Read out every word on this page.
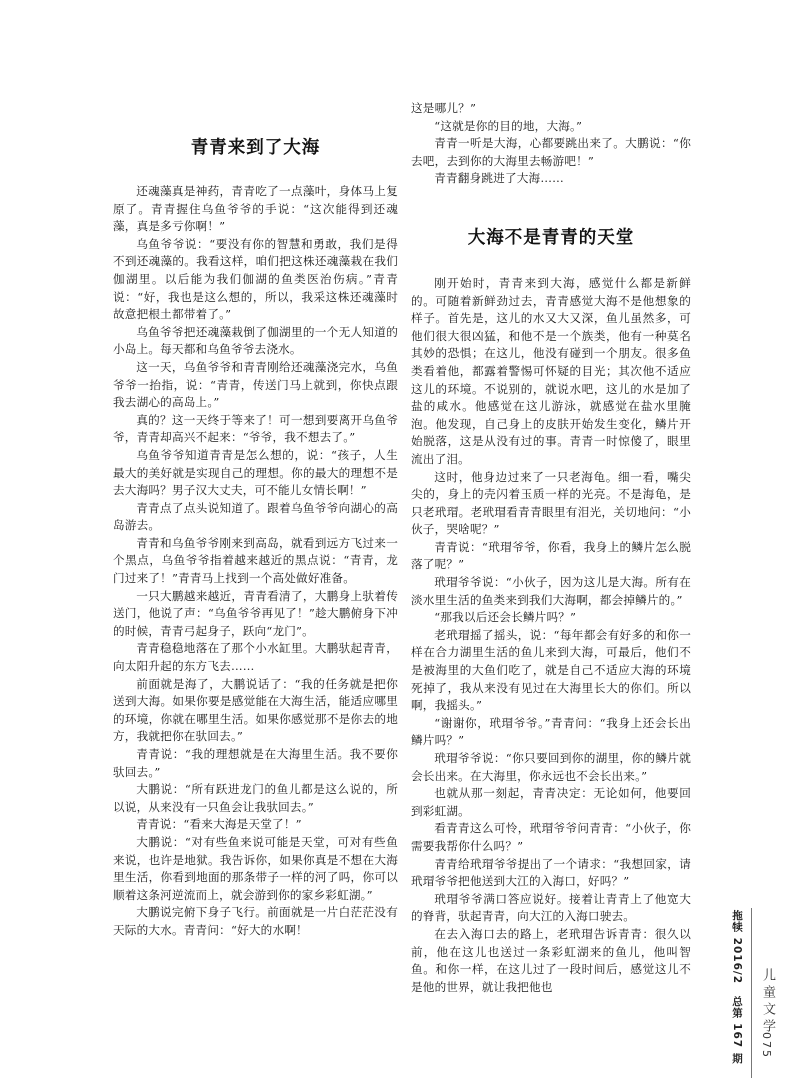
青青来到了大海

还魂藻真是神药，青青吃了一点藻叶，身体马上复原了。青青握住乌鱼爷爷的手说：“这次能得到还魂藻，真是多亏你啊！”

乌鱼爷爷说：“要没有你的智慧和勇敢，我们是得不到还魂藻的。我看这样，咱们把这株还魂藻栽在我们伽湖里。以后能为我们伽湖的鱼类医治伤病。”青青说：“好，我也是这么想的，所以，我采这株还魂藻时故意把根土都带着了。”

乌鱼爷爷把还魂藻栽倒了伽湖里的一个无人知道的小岛上。每天都和乌鱼爷爷去浇水。

这一天，乌鱼爷爷和青青刚给还魂藻浇完水，乌鱼爷爷一抬指，说：“青青，传送门马上就到，你快点跟我去湖心的高岛上。”

真的？这一天终于等来了！可一想到要离开乌鱼爷爷，青青却高兴不起来：“爷爷，我不想去了。”

乌鱼爷爷知道青青是怎么想的，说：“孩子，人生最大的美好就是实现自己的理想。你的最大的理想不是去大海吗？男子汉大丈夫，可不能儿女情长啊！”

青青点了点头说知道了。跟着乌鱼爷爷向湖心的高岛游去。

青青和乌鱼爷爷刚来到高岛，就看到远方飞过来一个黑点，乌鱼爷爷指着越来越近的黑点说：“青青，龙门过来了！”青青马上找到一个高处做好准备。

一只大鹏越来越近，青青看清了，大鹏身上驮着传送门，他说了声：“乌鱼爷爷再见了！”趁大鹏俯身下冲的时候，青青弓起身子，跃向“龙门”。

青青稳稳地落在了那个小水缸里。大鹏驮起青青，向太阳升起的东方飞去……

前面就是海了，大鹏说话了：“我的任务就是把你送到大海。如果你要是感觉能在大海生活，能适应哪里的环境，你就在哪里生活。如果你感觉那不是你去的地方，我就把你在驮回去。”

青青说：“我的理想就是在大海里生活。我不要你驮回去。”

大鹏说：“所有跃进龙门的鱼儿都是这么说的，所以说，从来没有一只鱼会让我驮回去。”

青青说：“看来大海是天堂了！”

大鹏说：“对有些鱼来说可能是天堂，可对有些鱼来说，也许是地狱。我告诉你，如果你真是不想在大海里生活，你看到地面的那条带子一样的河了吗，你可以顺着这条河逆流而上，就会游到你的家乡彩虹湖。”

大鹏说完俯下身子飞行。前面就是一片白茫茫没有天际的大水。青青问：“好大的水啊！

这是哪儿？”

“这就是你的目的地，大海。”

青青一听是大海，心都要跳出来了。大鹏说：“你去吧，去到你的大海里去畅游吧！”

青青翻身跳进了大海……

大海不是青青的天堂

刚开始时，青青来到大海，感觉什么都是新鲜的。可随着新鲜劲过去，青青感觉大海不是他想象的样子。首先是，这儿的水又大又深，鱼儿虽然多，可他们很大很凶猛，和他不是一个族类，他有一种莫名其妙的恐惧；在这儿，他没有碰到一个朋友。很多鱼类看着他，都露着警惕可怀疑的目光；其次他不适应这儿的环境。不说别的，就说水吧，这儿的水是加了盐的咸水。他感觉在这儿游泳，就感觉在盐水里腌泡。他发现，自己身上的皮肤开始发生变化，鳞片开始脱落，这是从没有过的事。青青一时惊傻了，眼里流出了泪。

这时，他身边过来了一只老海龟。细一看，嘴尖尖的，身上的壳闪着玉质一样的光亮。不是海龟，是只老玳瑁。老玳瑁看青青眼里有泪光，关切地问：“小伙子，哭啥呢？”

青青说：“玳瑁爷爷，你看，我身上的鳞片怎么脱落了呢？”

玳瑁爷爷说：“小伙子，因为这儿是大海。所有在淡水里生活的鱼类来到我们大海啊，都会掉鳞片的。”

“那我以后还会长鳞片吗？”

老玳瑁摇了摇头，说：“每年都会有好多的和你一样在合力湖里生活的鱼儿来到大海，可最后，他们不是被海里的大鱼们吃了，就是自己不适应大海的环境死掉了，我从来没有见过在大海里长大的你们。所以啊，我摇头。”

“谢谢你，玳瑁爷爷。”青青问：“我身上还会长出鳞片吗？”

玳瑁爷爷说：“你只要回到你的湖里，你的鳞片就会长出来。在大海里，你永远也不会长出来。”

也就从那一刻起，青青决定：无论如何，他要回到彩虹湖。

看青青这么可怜，玳瑁爷爷问青青：“小伙子，你需要我帮你什么吗？”

青青给玳瑁爷爷提出了一个请求：“我想回家，请玳瑁爷爷把他送到大江的入海口，好吗？”

玳瑁爷爷满口答应说好。接着让青青上了他宽大的脊背，驮起青青，向大江的入海口驶去。

在去入海口去的路上，老玳瑁告诉青青：很久以前，他在这儿也送过一条彩虹湖来的鱼儿，他叫智鱼。和你一样，在这儿过了一段时间后，感觉这儿不是他的世界，就让我把他也	拖犊 2016/2　总第 167 期 儿童文学
075
